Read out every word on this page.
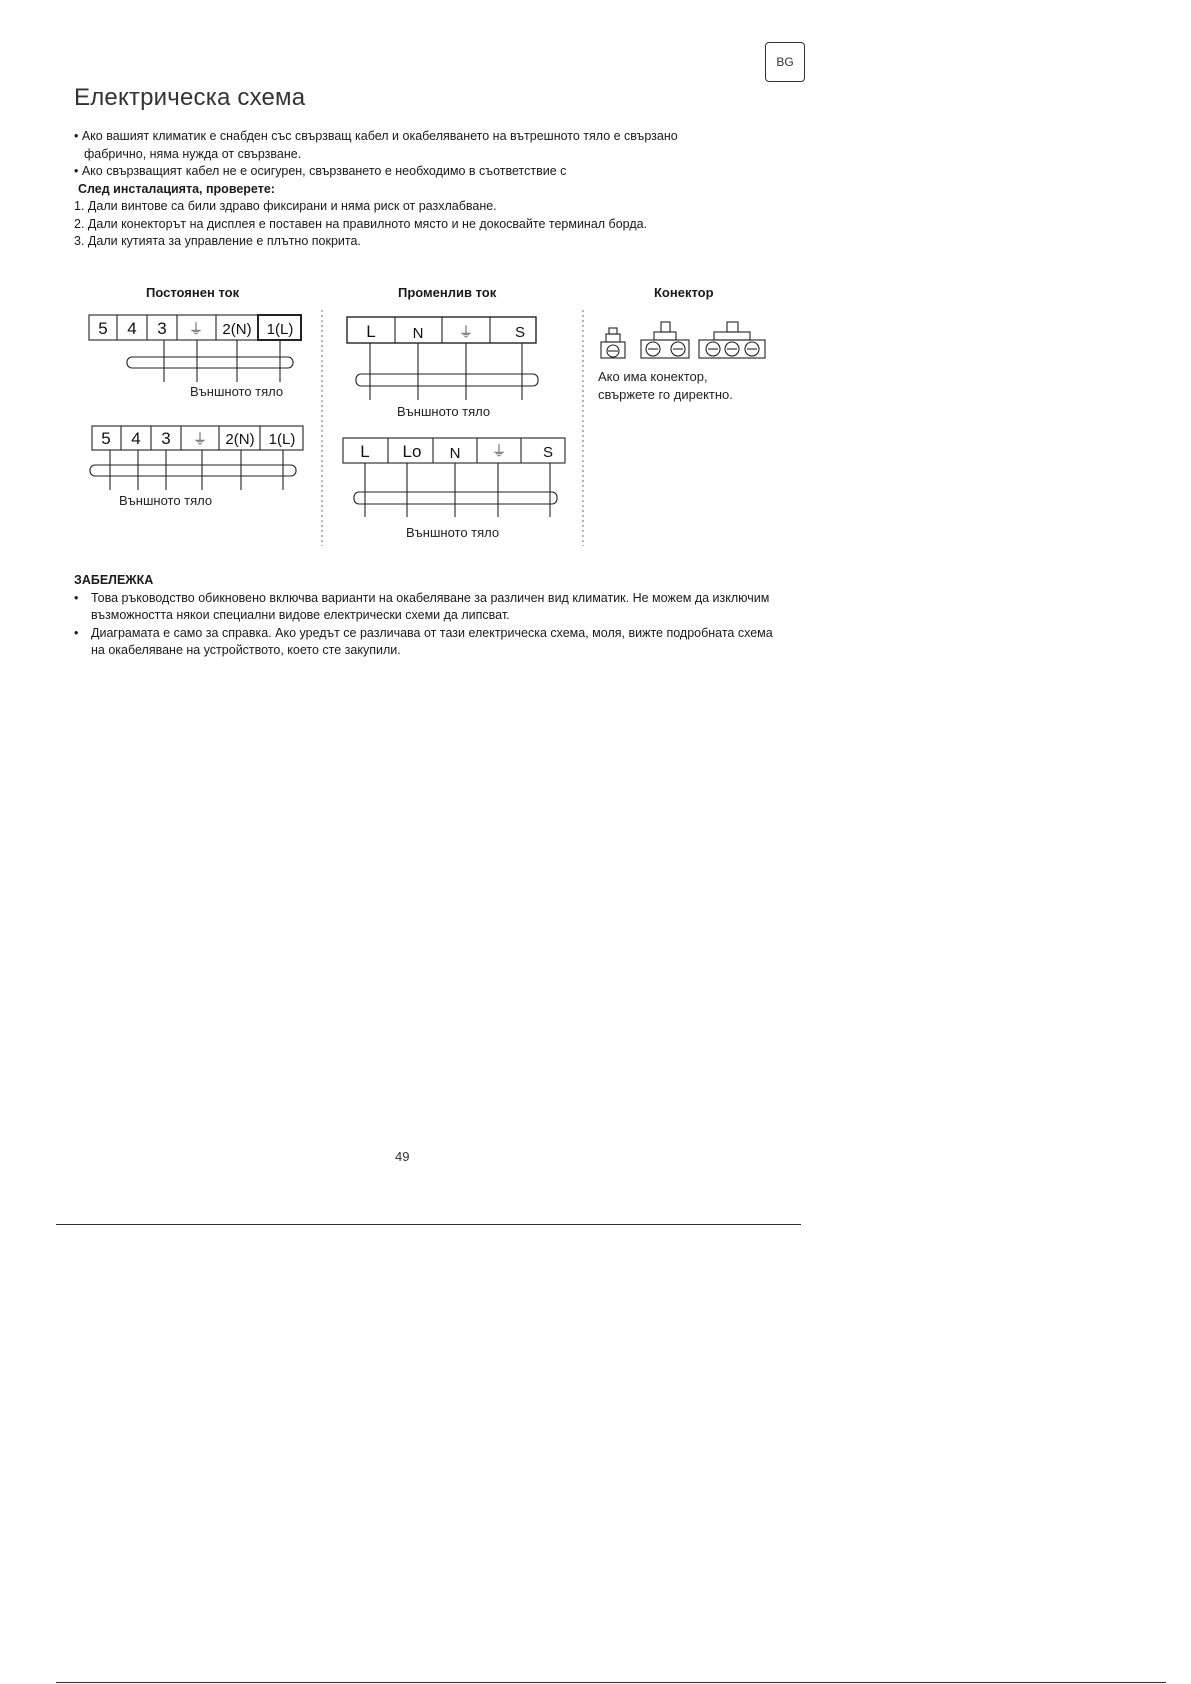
BG
Електрическа схема

• Ако вашият климатик е снабден със свързващ кабел и окабеляването на вътрешното тяло е свързано

фабрично, няма нужда от свързване.

• Ако свързващият кабел не е осигурен, свързването е необходимо в съответствие с

След инсталацията, проверете:

1. Дали винтове са били здраво фиксирани и няма риск от разхлабване.

2. Дали конекторът на дисплея е поставен на правилното място и не докосвайте терминал борда.

3. Дали кутията за управление е плътно покрита.

Постоянен ток	Променлив ток	Конектор
5 4 3 ⏚ 2(N) 1(L)
5 4 3 ⏚ 2(N) 1(L)
L N ⏚	S
L Lo N ⏚ S
Външното тяло
Външното тяло
Външното тяло
Външното тяло
Ако има конектор,
свържете го директно.

ЗАБЕЛЕЖКА

• Това ръководство обикновено включва варианти на окабеляване за различен вид климатик. Не можем да изключим възможността някои специални видове електрически схеми да липсват.
• Диаграмата е само за справка. Ако уредът се различава от тази електрическа схема, моля, вижте подробната схема на окабеляване на устройството, което сте закупили.
49
